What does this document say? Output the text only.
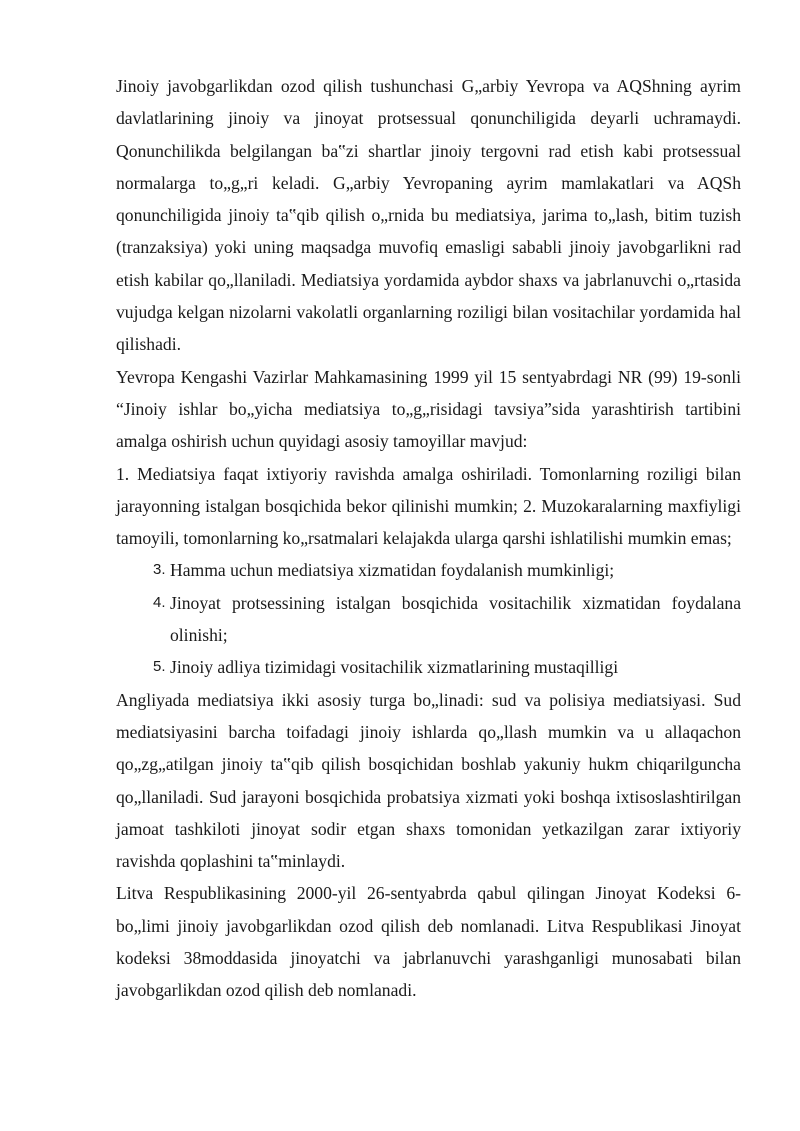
Jinoiy javobgarlikdan ozod qilish tushunchasi G„arbiy Yevropa va AQShning ayrim davlatlarining jinoiy va jinoyat protsessual qonunchiligida deyarli uchramaydi. Qonunchilikda belgilangan ba‟zi shartlar jinoiy tergovni rad etish kabi protsessual normalarga to„g„ri keladi. G„arbiy Yevropaning ayrim mamlakatlari va AQSh qonunchiligida jinoiy ta‟qib qilish o„rnida bu mediatsiya, jarima to„lash, bitim tuzish (tranzaksiya) yoki uning maqsadga muvofiq emasligi sababli jinoiy javobgarlikni rad etish kabilar qo„llaniladi. Mediatsiya yordamida aybdor shaxs va jabrlanuvchi o„rtasida vujudga kelgan nizolarni vakolatli organlarning roziligi bilan vositachilar yordamida hal qilishadi.

Yevropa Kengashi Vazirlar Mahkamasining 1999 yil 15 sentyabrdagi NR (99) 19-sonli “Jinoiy ishlar bo„yicha mediatsiya to„g„risidagi tavsiya”sida yarashtirish tartibini amalga oshirish uchun quyidagi asosiy tamoyillar mavjud:

1. Mediatsiya faqat ixtiyoriy ravishda amalga oshiriladi. Tomonlarning roziligi bilan jarayonning istalgan bosqichida bekor qilinishi mumkin; 2. Muzokaralarning maxfiyligi tamoyili, tomonlarning ko„rsatmalari kelajakda ularga qarshi ishlatilishi mumkin emas;

3. Hamma uchun mediatsiya xizmatidan foydalanish mumkinligi;
4. Jinoyat protsessining istalgan bosqichida vositachilik xizmatidan foydalana olinishi;
5. Jinoiy adliya tizimidagi vositachilik xizmatlarining mustaqilligi

Angliyada mediatsiya ikki asosiy turga bo„linadi: sud va polisiya mediatsiyasi. Sud mediatsiyasini barcha toifadagi jinoiy ishlarda qo„llash mumkin va u allaqachon qo„zg„atilgan jinoiy ta‟qib qilish bosqichidan boshlab yakuniy hukm chiqarilguncha qo„llaniladi. Sud jarayoni bosqichida probatsiya xizmati yoki boshqa ixtisoslashtirilgan jamoat tashkiloti jinoyat sodir etgan shaxs tomonidan yetkazilgan zarar ixtiyoriy ravishda qoplashini ta‟minlaydi.

Litva Respublikasining 2000-yil 26-sentyabrda qabul qilingan Jinoyat Kodeksi 6-bo„limi jinoiy javobgarlikdan ozod qilish deb nomlanadi. Litva Respublikasi Jinoyat kodeksi 38moddasida jinoyatchi va jabrlanuvchi yarashganligi munosabati bilan javobgarlikdan ozod qilish deb nomlanadi.
